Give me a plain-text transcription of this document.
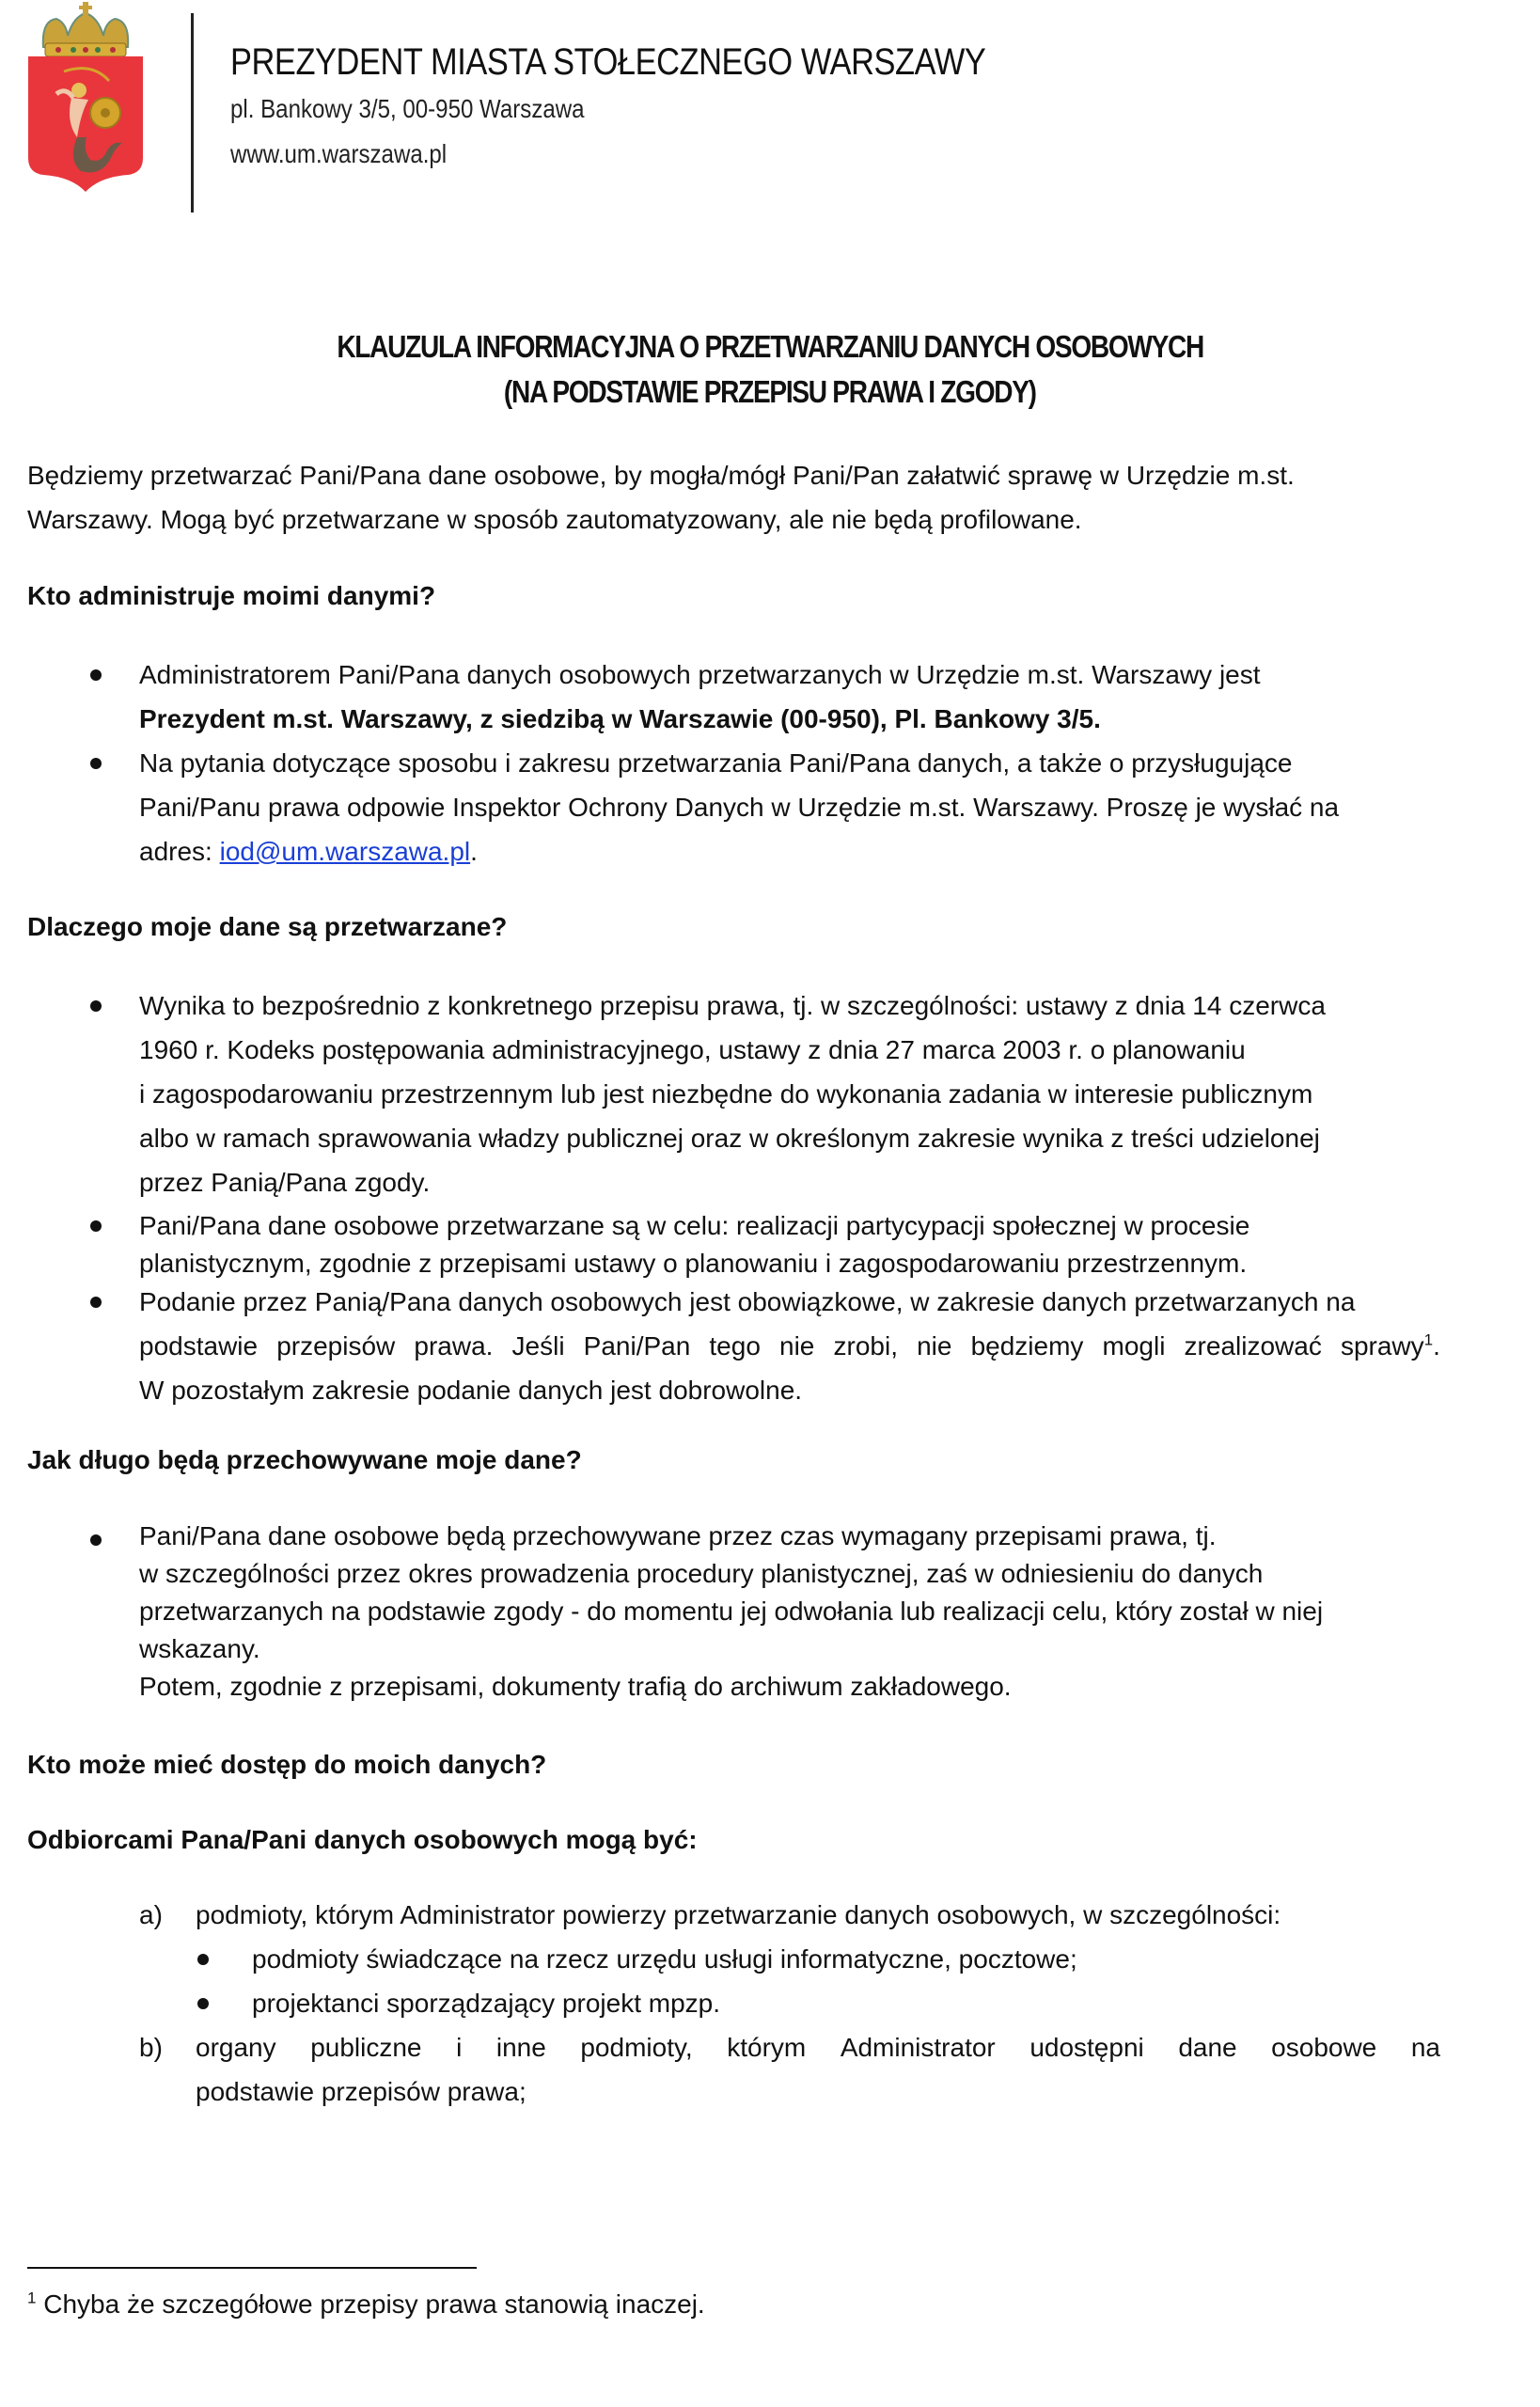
PREZYDENT MIASTA STOŁECZNEGO WARSZAWY
pl. Bankowy 3/5, 00-950 Warszawa
www.um.warszawa.pl
KLAUZULA INFORMACYJNA O PRZETWARZANIU DANYCH OSOBOWYCH
(NA PODSTAWIE PRZEPISU PRAWA I ZGODY)
Będziemy przetwarzać Pani/Pana dane osobowe, by mogła/mógł Pani/Pan załatwić sprawę w Urzędzie m.st.
Warszawy. Mogą być przetwarzane w sposób zautomatyzowany, ale nie będą profilowane.
Kto administruje moimi danymi?
Administratorem Pani/Pana danych osobowych przetwarzanych w Urzędzie m.st. Warszawy jest
Prezydent m.st. Warszawy, z siedzibą w Warszawie (00-950), Pl. Bankowy 3/5.
Na pytania dotyczące sposobu i zakresu przetwarzania Pani/Pana danych, a także o przysługujące
Pani/Panu prawa odpowie Inspektor Ochrony Danych w Urzędzie m.st. Warszawy. Proszę je wysłać na
adres: iod@um.warszawa.pl.
Dlaczego moje dane są przetwarzane?
Wynika to bezpośrednio z konkretnego przepisu prawa, tj. w szczególności: ustawy z dnia 14 czerwca
1960 r. Kodeks postępowania administracyjnego, ustawy z dnia 27 marca 2003 r. o planowaniu
i zagospodarowaniu przestrzennym lub jest niezbędne do wykonania zadania w interesie publicznym
albo w ramach sprawowania władzy publicznej oraz w określonym zakresie wynika z treści udzielonej
przez Panią/Pana zgody.
Pani/Pana dane osobowe przetwarzane są w celu: realizacji partycypacji społecznej w procesie
planistycznym, zgodnie z przepisami ustawy o planowaniu i zagospodarowaniu przestrzennym.
Podanie przez Panią/Pana danych osobowych jest obowiązkowe, w zakresie danych przetwarzanych na
podstawie przepisów prawa. Jeśli Pani/Pan tego nie zrobi, nie będziemy mogli zrealizować sprawy$^1$.
W pozostałym zakresie podanie danych jest dobrowolne.
Jak długo będą przechowywane moje dane?
Pani/Pana dane osobowe będą przechowywane przez czas wymagany przepisami prawa, tj.
w szczególności przez okres prowadzenia procedury planistycznej, zaś w odniesieniu do danych
przetwarzanych na podstawie zgody - do momentu jej odwołania lub realizacji celu, który został w niej
wskazany.
Potem, zgodnie z przepisami, dokumenty trafią do archiwum zakładowego.
Kto może mieć dostęp do moich danych?
Odbiorcami Pana/Pani danych osobowych mogą być:
a) podmioty, którym Administrator powierzy przetwarzanie danych osobowych, w szczególności:
podmioty świadczące na rzecz urzędu usługi informatyczne, pocztowe;
projektanci sporządzający projekt mpzp.
b) organy publiczne i inne podmioty, którym Administrator udostępni dane osobowe na
podstawie przepisów prawa;
$^1$ Chyba że szczegółowe przepisy prawa stanowią inaczej.
